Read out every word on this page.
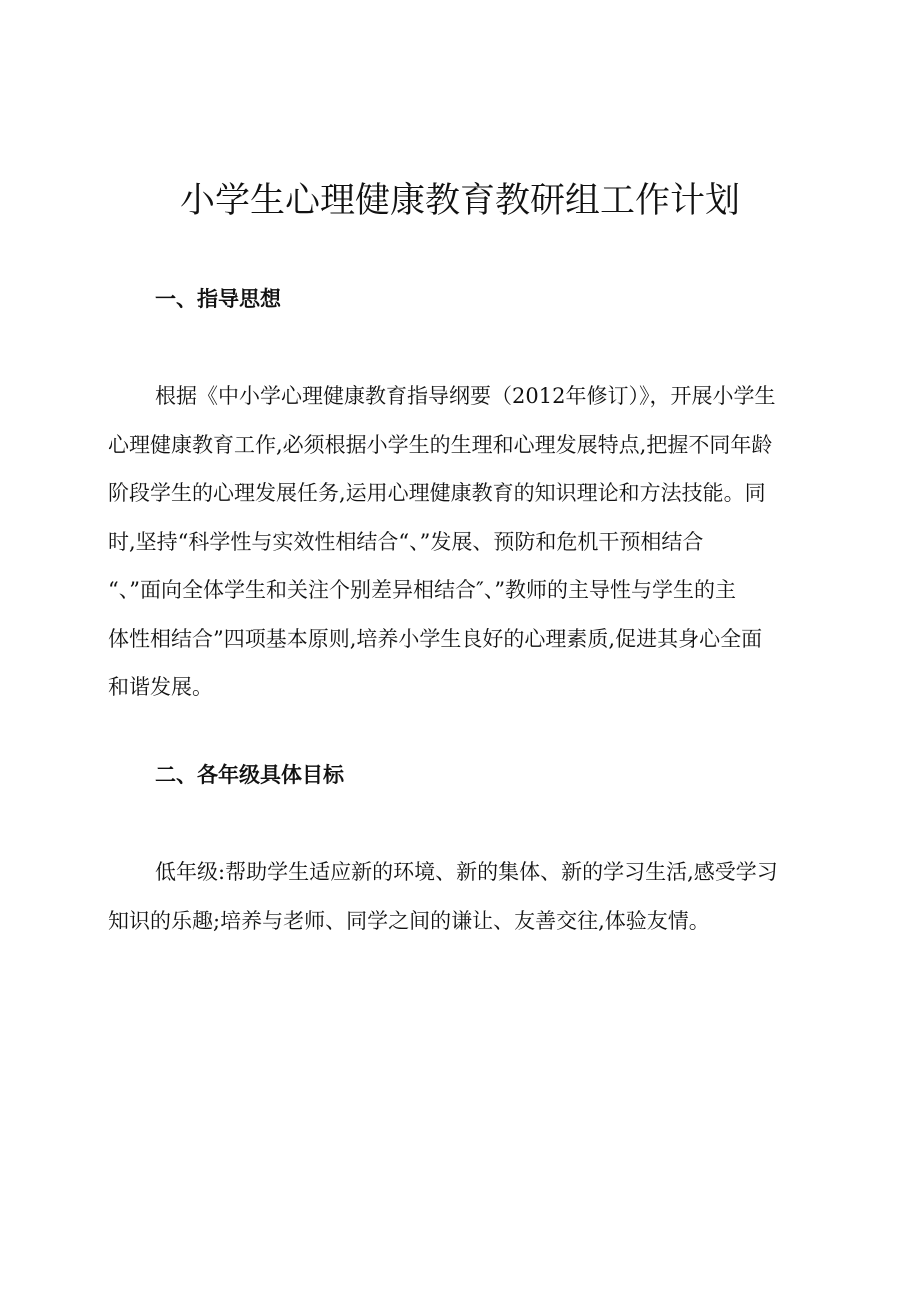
小学生心理健康教育教研组工作计划
一、指导思想

根据《中小学心理健康教育指导纲要（2012年修订）》，开展小学生
心理健康教育工作,必须根据小学生的生理和心理发展特点,把握不同年龄
阶段学生的心理发展任务,运用心理健康教育的知识理论和方法技能。同
时,坚持“科学性与实效性相结合“、”发展、预防和危机干预相结合
“、”面向全体学生和关注个别差异相结合″、”教师的主导性与学生的主
体性相结合”四项基本原则,培养小学生良好的心理素质,促进其身心全面
和谐发展。

二、各年级具体目标

低年级:帮助学生适应新的环境、新的集体、新的学习生活,感受学习
知识的乐趣;培养与老师、同学之间的谦让、友善交往,体验友情。
